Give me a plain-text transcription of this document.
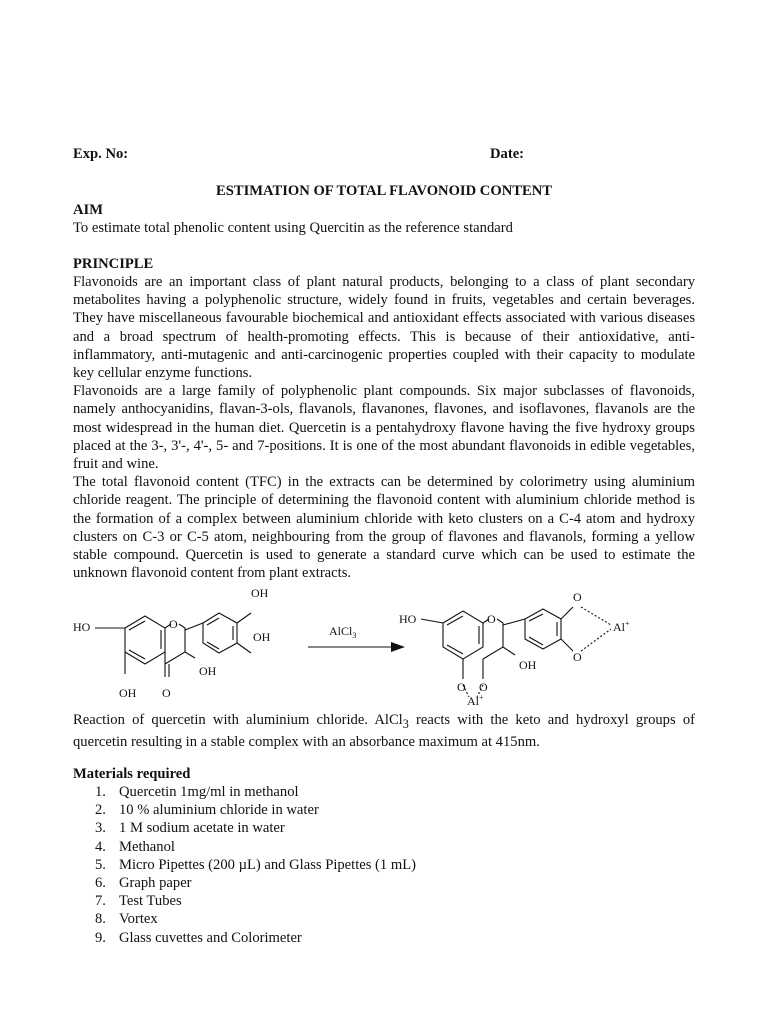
Exp. No:	Date:
ESTIMATION OF TOTAL FLAVONOID CONTENT
AIM
To estimate total phenolic content using Quercitin as the reference standard
PRINCIPLE

Flavonoids are an important class of plant natural products, belonging to a class of plant secondary metabolites having a polyphenolic structure, widely found in fruits, vegetables and certain beverages. They have miscellaneous favourable biochemical and antioxidant effects associated with various diseases and a broad spectrum of health-promoting effects. This is because of their antioxidative, anti-inflammatory, anti-mutagenic and anti-carcinogenic properties coupled with their capacity to modulate key cellular enzyme functions.

Flavonoids are a large family of polyphenolic plant compounds. Six major subclasses of flavonoids, namely anthocyanidins, flavan-3-ols, flavanols, flavanones, flavones, and isoflavones, flavanols are the most widespread in the human diet. Quercetin is a pentahydroxy flavone having the five hydroxy groups placed at the 3-, 3'-, 4'-, 5- and 7-positions. It is one of the most abundant flavonoids in edible vegetables, fruit and wine.

The total flavonoid content (TFC) in the extracts can be determined by colorimetry using aluminium chloride reagent. The principle of determining the flavonoid content with aluminium chloride method is the formation of a complex between aluminium chloride with keto clusters on a C-4 atom and hydroxy clusters on C-3 or C-5 atom, neighbouring from the group of flavones and flavanols, forming a yellow stable compound. Quercetin is used to generate a standard curve which can be used to estimate the unknown flavonoid content from plant extracts.

HO	O
OH
OH
OH
OH O
AlCl$_3$
HO	O
O
O
Al+
OH
O O
Al+

Reaction of quercetin with aluminium chloride. AlCl$_3$ reacts with the keto and hydroxyl groups of quercetin resulting in a stable complex with an absorbance maximum at 415nm.

Materials required
1. Quercetin 1mg/ml in methanol
2. 10 % aluminium chloride in water
3. 1 M sodium acetate in water
4. Methanol
5. Micro Pipettes (200 µL) and Glass Pipettes (1 mL)
6. Graph paper
7. Test Tubes
8. Vortex
9. Glass cuvettes and Colorimeter
